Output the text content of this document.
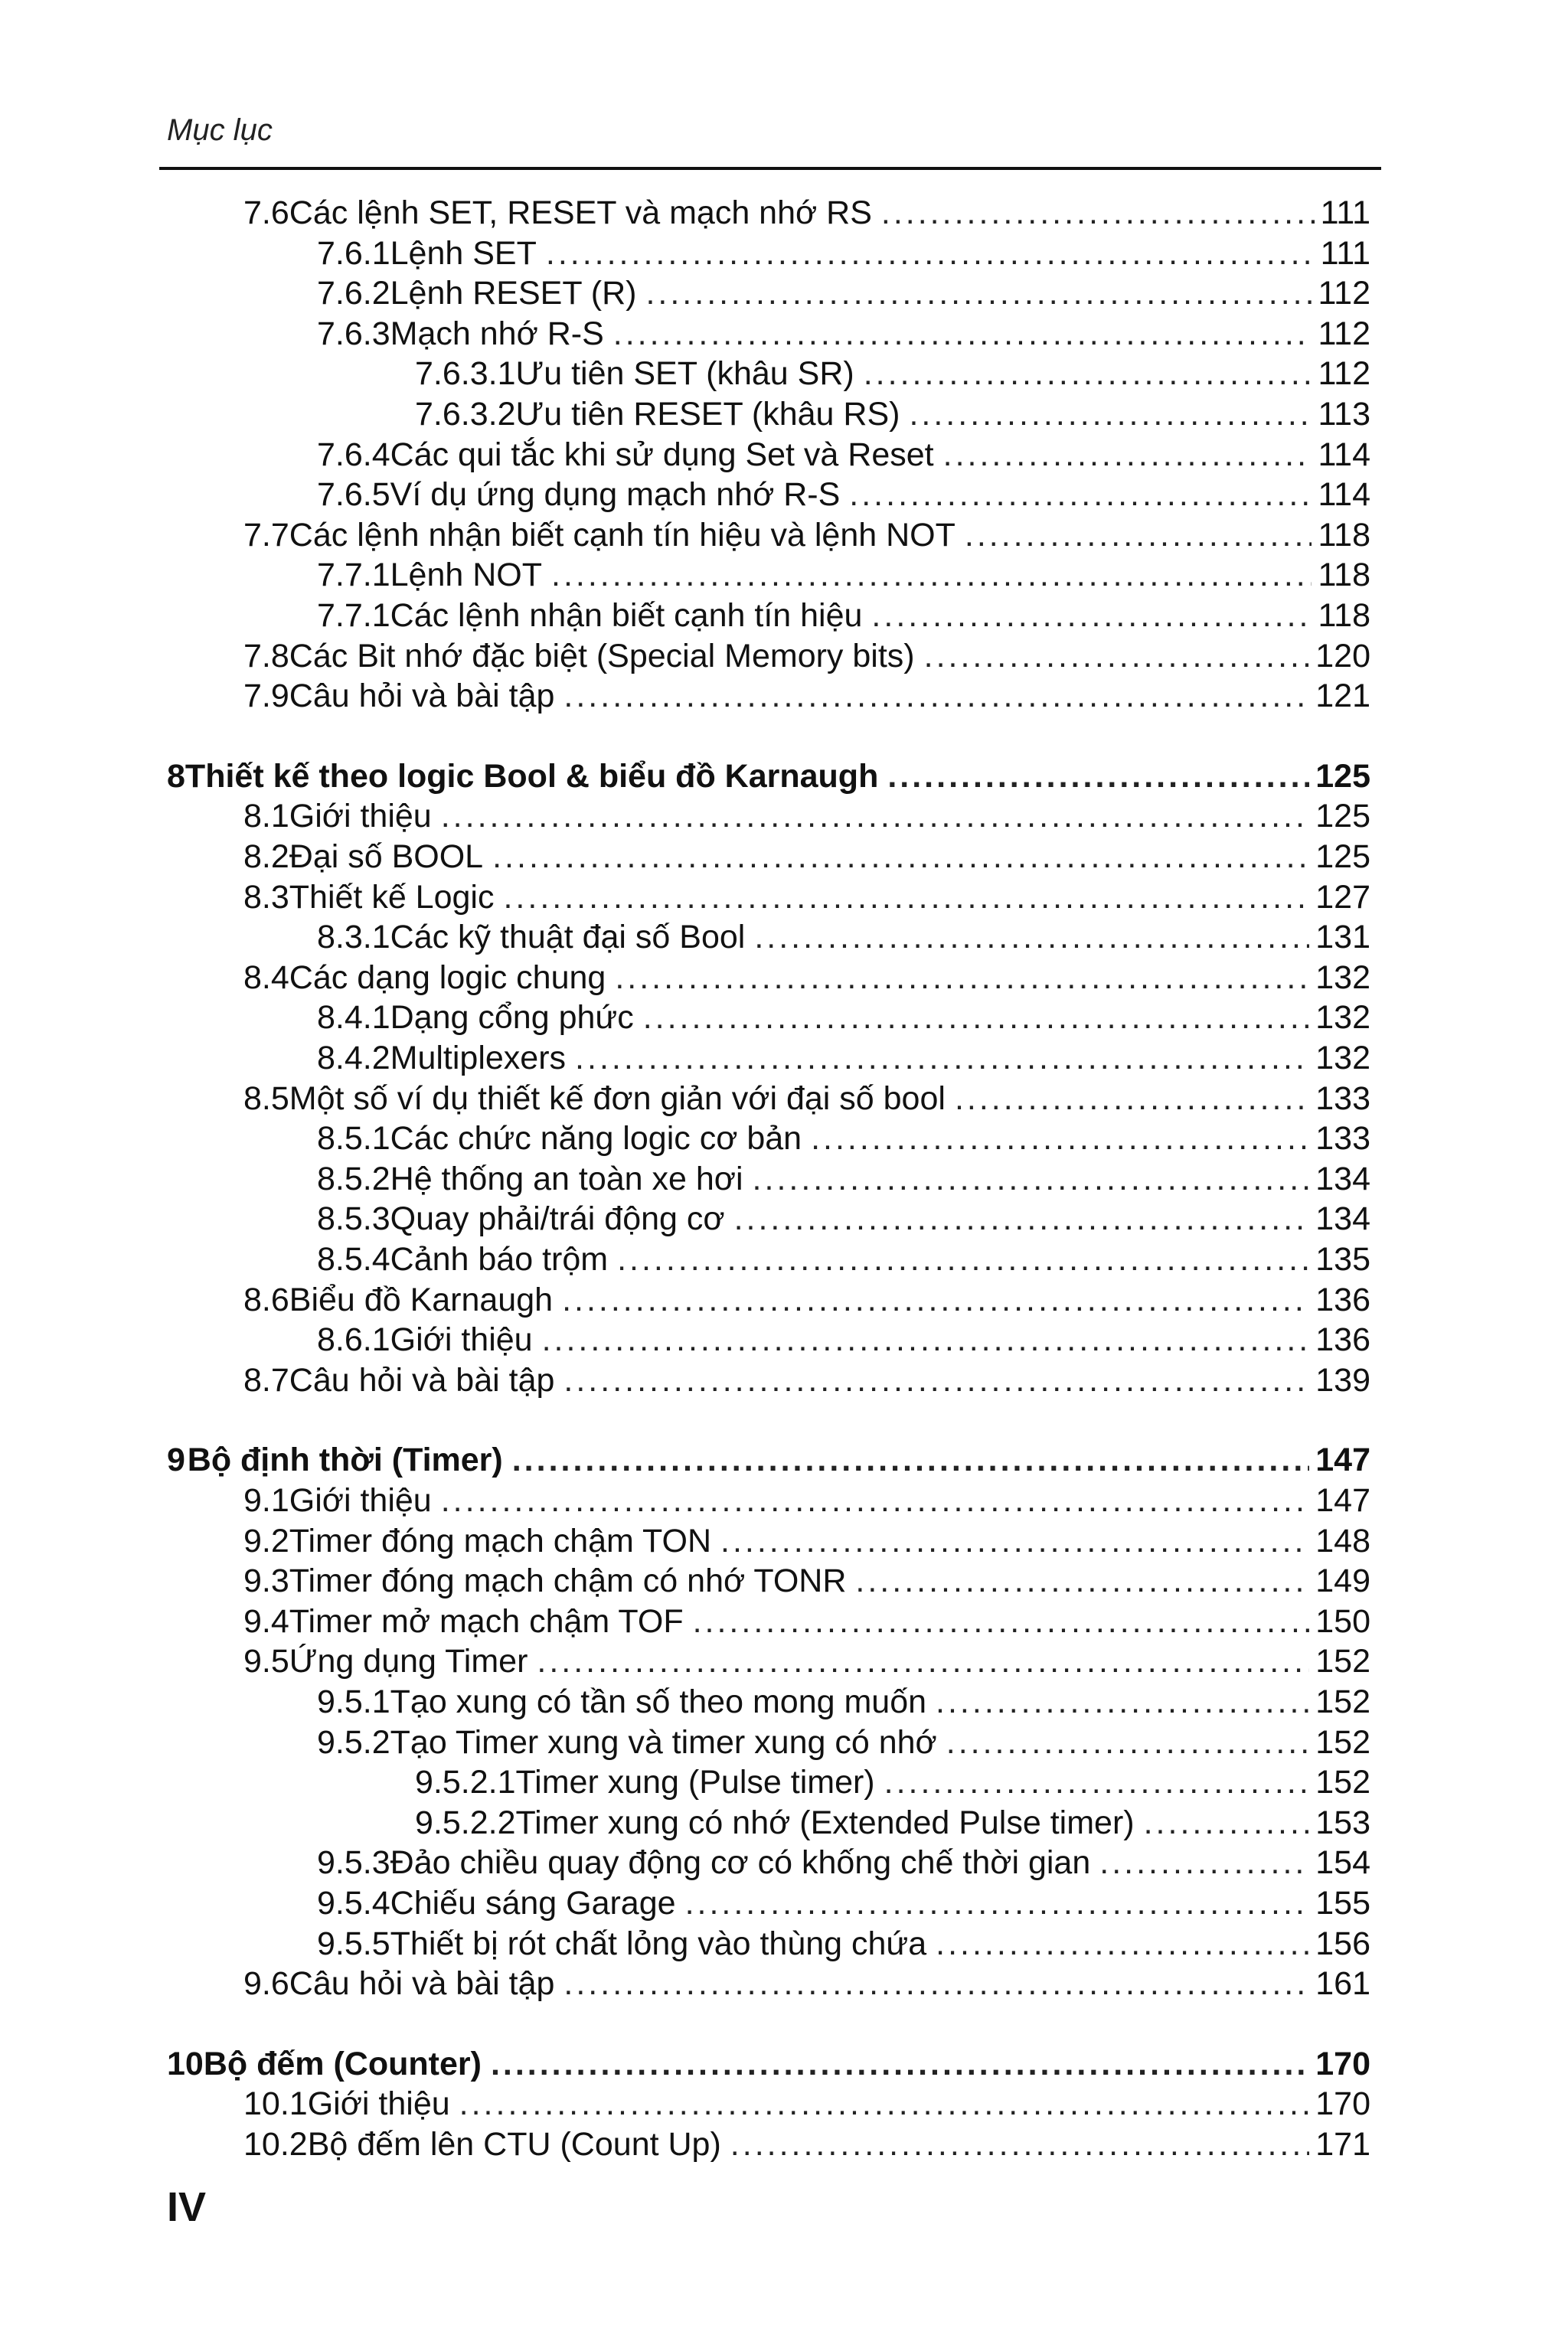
Mục lục
7.6 Các lệnh SET, RESET và mạch nhớ RS .....	111
7.6.1 Lệnh SET .....	111
7.6.2 Lệnh RESET (R) .....	112
7.6.3 Mạch nhớ R-S .....	112
7.6.3.1 Ưu tiên SET (khâu SR) .....	112
7.6.3.2 Ưu tiên RESET (khâu RS) .....	113
7.6.4 Các qui tắc khi sử dụng Set và Reset .....	114
7.6.5 Ví dụ ứng dụng mạch nhớ R-S .....	114
7.7 Các lệnh nhận biết cạnh tín hiệu và lệnh NOT .....	118
7.7.1 Lệnh NOT .....	118
7.7.1 Các lệnh nhận biết cạnh tín hiệu .....	118
7.8 Các Bit nhớ đặc biệt (Special Memory bits) .....	120
7.9 Câu hỏi và bài tập .....	121
8 Thiết kế theo logic Bool & biểu đồ Karnaugh .....	125
8.1 Giới thiệu .....	125
8.2 Đại số BOOL .....	125
8.3 Thiết kế Logic .....	127
8.3.1 Các kỹ thuật đại số Bool .....	131
8.4 Các dạng logic chung .....	132
8.4.1 Dạng cổng phức .....	132
8.4.2 Multiplexers .....	132
8.5 Một số ví dụ thiết kế đơn giản với đại số bool .....	133
8.5.1 Các chức năng logic cơ bản .....	133
8.5.2 Hệ thống an toàn xe hơi .....	134
8.5.3 Quay phải/trái động cơ .....	134
8.5.4 Cảnh báo trộm .....	135
8.6 Biểu đồ Karnaugh .....	136
8.6.1 Giới thiệu .....	136
8.7 Câu hỏi và bài tập .....	139
9 Bộ định thời (Timer) .....	147
9.1 Giới thiệu .....	147
9.2 Timer đóng mạch chậm TON .....	148
9.3 Timer đóng mạch chậm có nhớ TONR .....	149
9.4 Timer mở mạch chậm TOF .....	150
9.5 Ứng dụng Timer .....	152
9.5.1 Tạo xung có tần số theo mong muốn .....	152
9.5.2 Tạo Timer xung và timer xung có nhớ .....	152
9.5.2.1 Timer xung (Pulse timer) .....	152
9.5.2.2 Timer xung có nhớ (Extended Pulse timer) .....	153
9.5.3 Đảo chiều quay động cơ có khống chế thời gian .....	154
9.5.4 Chiếu sáng Garage .....	155
9.5.5 Thiết bị rót chất lỏng vào thùng chứa .....	156
9.6 Câu hỏi và bài tập .....	161
10 Bộ đếm (Counter) .....	170
10.1 Giới thiệu .....	170
10.2 Bộ đếm lên CTU (Count Up) .....	171
IV
